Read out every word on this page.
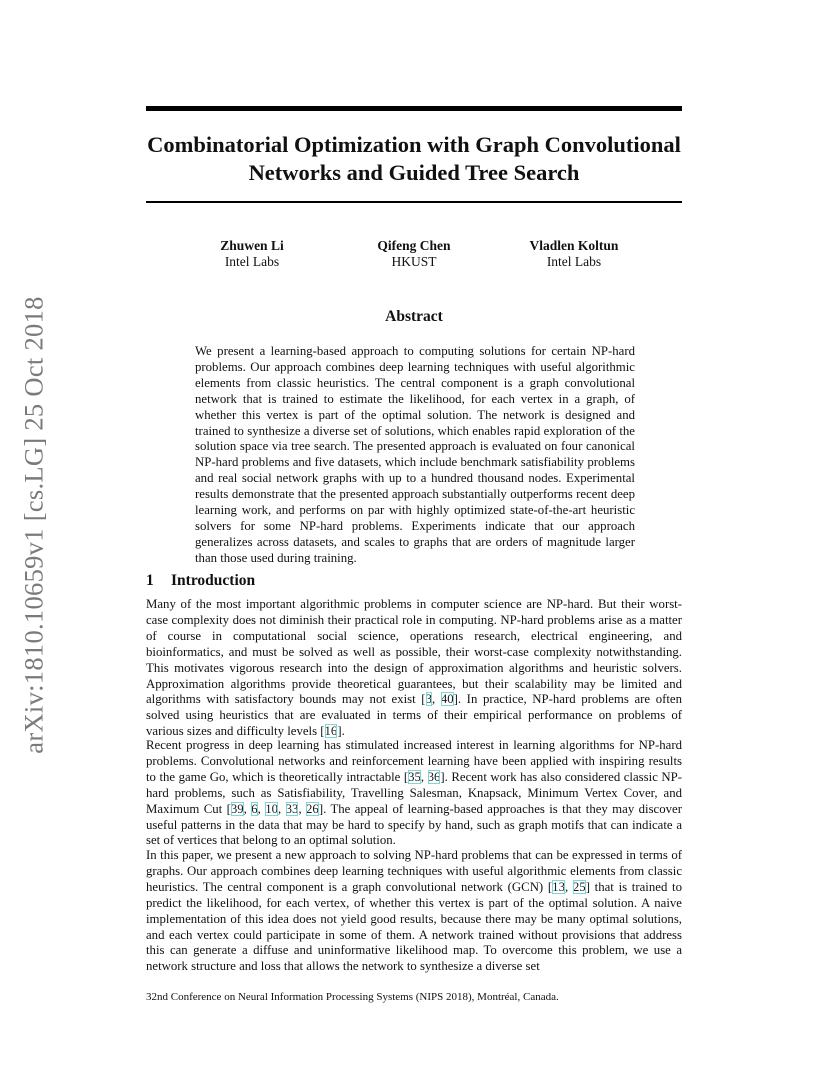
arXiv:1810.10659v1 [cs.LG] 25 Oct 2018
Combinatorial Optimization with Graph Convolutional Networks and Guided Tree Search
Zhuwen Li
Intel Labs
Qifeng Chen
HKUST
Vladlen Koltun
Intel Labs
Abstract

We present a learning-based approach to computing solutions for certain NP-hard problems. Our approach combines deep learning techniques with useful algorithmic elements from classic heuristics. The central component is a graph convolutional network that is trained to estimate the likelihood, for each vertex in a graph, of whether this vertex is part of the optimal solution. The network is designed and trained to synthesize a diverse set of solutions, which enables rapid exploration of the solution space via tree search. The presented approach is evaluated on four canonical NP-hard problems and five datasets, which include benchmark satisfiability problems and real social network graphs with up to a hundred thousand nodes. Experimental results demonstrate that the presented approach substantially outperforms recent deep learning work, and performs on par with highly optimized state-of-the-art heuristic solvers for some NP-hard problems. Experiments indicate that our approach generalizes across datasets, and scales to graphs that are orders of magnitude larger than those used during training.

1 Introduction

Many of the most important algorithmic problems in computer science are NP-hard. But their worst-case complexity does not diminish their practical role in computing. NP-hard problems arise as a matter of course in computational social science, operations research, electrical engineering, and bioinformatics, and must be solved as well as possible, their worst-case complexity notwithstanding. This motivates vigorous research into the design of approximation algorithms and heuristic solvers. Approximation algorithms provide theoretical guarantees, but their scalability may be limited and algorithms with satisfactory bounds may not exist [3, 40]. In practice, NP-hard problems are often solved using heuristics that are evaluated in terms of their empirical performance on problems of various sizes and difficulty levels [16].

Recent progress in deep learning has stimulated increased interest in learning algorithms for NP-hard problems. Convolutional networks and reinforcement learning have been applied with inspiring results to the game Go, which is theoretically intractable [35, 36]. Recent work has also considered classic NP-hard problems, such as Satisfiability, Travelling Salesman, Knapsack, Minimum Vertex Cover, and Maximum Cut [39, 6, 10, 33, 26]. The appeal of learning-based approaches is that they may discover useful patterns in the data that may be hard to specify by hand, such as graph motifs that can indicate a set of vertices that belong to an optimal solution.

In this paper, we present a new approach to solving NP-hard problems that can be expressed in terms of graphs. Our approach combines deep learning techniques with useful algorithmic elements from classic heuristics. The central component is a graph convolutional network (GCN) [13, 25] that is trained to predict the likelihood, for each vertex, of whether this vertex is part of the optimal solution. A naive implementation of this idea does not yield good results, because there may be many optimal solutions, and each vertex could participate in some of them. A network trained without provisions that address this can generate a diffuse and uninformative likelihood map. To overcome this problem, we use a network structure and loss that allows the network to synthesize a diverse set

32nd Conference on Neural Information Processing Systems (NIPS 2018), Montréal, Canada.
